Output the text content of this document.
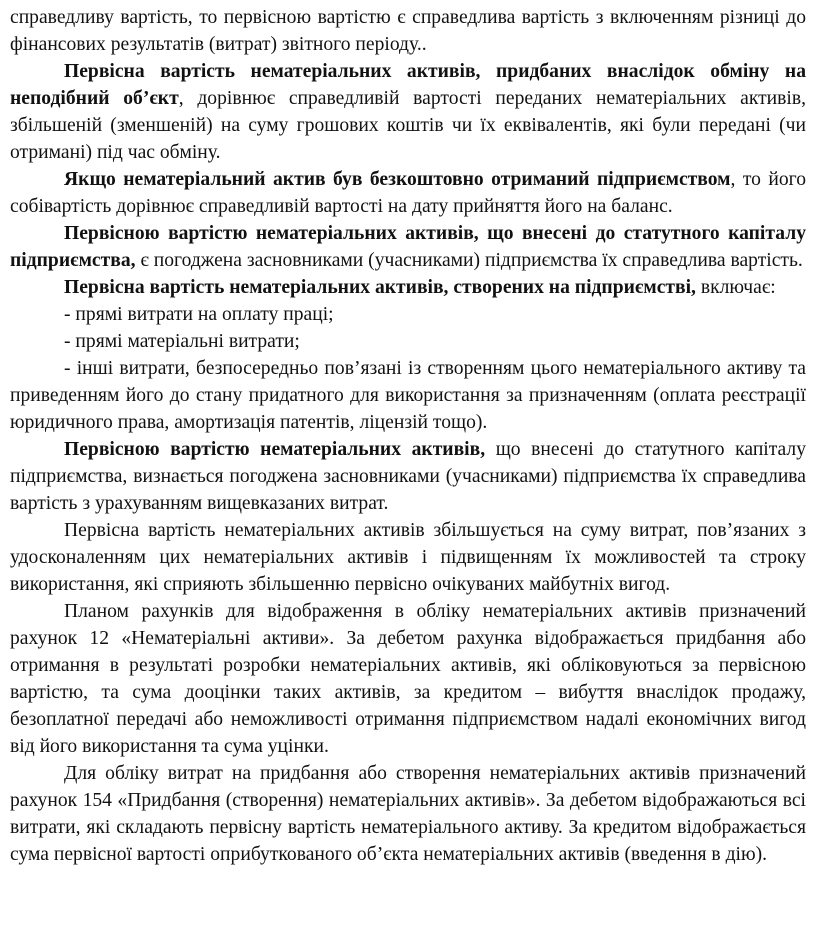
справедливу вартість, то первісною вартістю є справедлива вартість з включенням різниці до фінансових результатів (витрат) звітного періоду..

Первісна вартість нематеріальних активів, придбаних внаслідок обміну на неподібний об’єкт, дорівнює справедливій вартості переданих нематеріальних активів, збільшеній (зменшеній) на суму грошових коштів чи їх еквівалентів, які були передані (чи отримані) під час обміну.

Якщо нематеріальний актив був безкоштовно отриманий підприємством, то його собівартість дорівнює справедливій вартості на дату прийняття його на баланс.

Первісною вартістю нематеріальних активів, що внесені до статутного капіталу підприємства, є погоджена засновниками (учасниками) підприємства їх справедлива вартість.

Первісна вартість нематеріальних активів, створених на підприємстві, включає:

- прямі витрати на оплату праці;

- прямі матеріальні витрати;

- інші витрати, безпосередньо пов’язані із створенням цього нематеріального активу та приведенням його до стану придатного для використання за призначенням (оплата реєстрації юридичного права, амортизація патентів, ліцензій тощо).

Первісною вартістю нематеріальних активів, що внесені до статутного капіталу підприємства, визнається погоджена засновниками (учасниками) підприємства їх справедлива вартість з урахуванням вищевказаних витрат.

Первісна вартість нематеріальних активів збільшується на суму витрат, пов’язаних з удосконаленням цих нематеріальних активів і підвищенням їх можливостей та строку використання, які сприяють збільшенню первісно очікуваних майбутніх вигод.

Планом рахунків для відображення в обліку нематеріальних активів призначений рахунок 12 «Нематеріальні активи». За дебетом рахунка відображається придбання або отримання в результаті розробки нематеріальних активів, які обліковуються за первісною вартістю, та сума дооцінки таких активів, за кредитом – вибуття внаслідок продажу, безоплатної передачі або неможливості отримання підприємством надалі економічних вигод від його використання та сума уцінки.

Для обліку витрат на придбання або створення нематеріальних активів призначений рахунок 154 «Придбання (створення) нематеріальних активів». За дебетом відображаються всі витрати, які складають первісну вартість нематеріального активу. За кредитом відображається сума первісної вартості оприбуткованого об’єкта нематеріальних активів (введення в дію).
